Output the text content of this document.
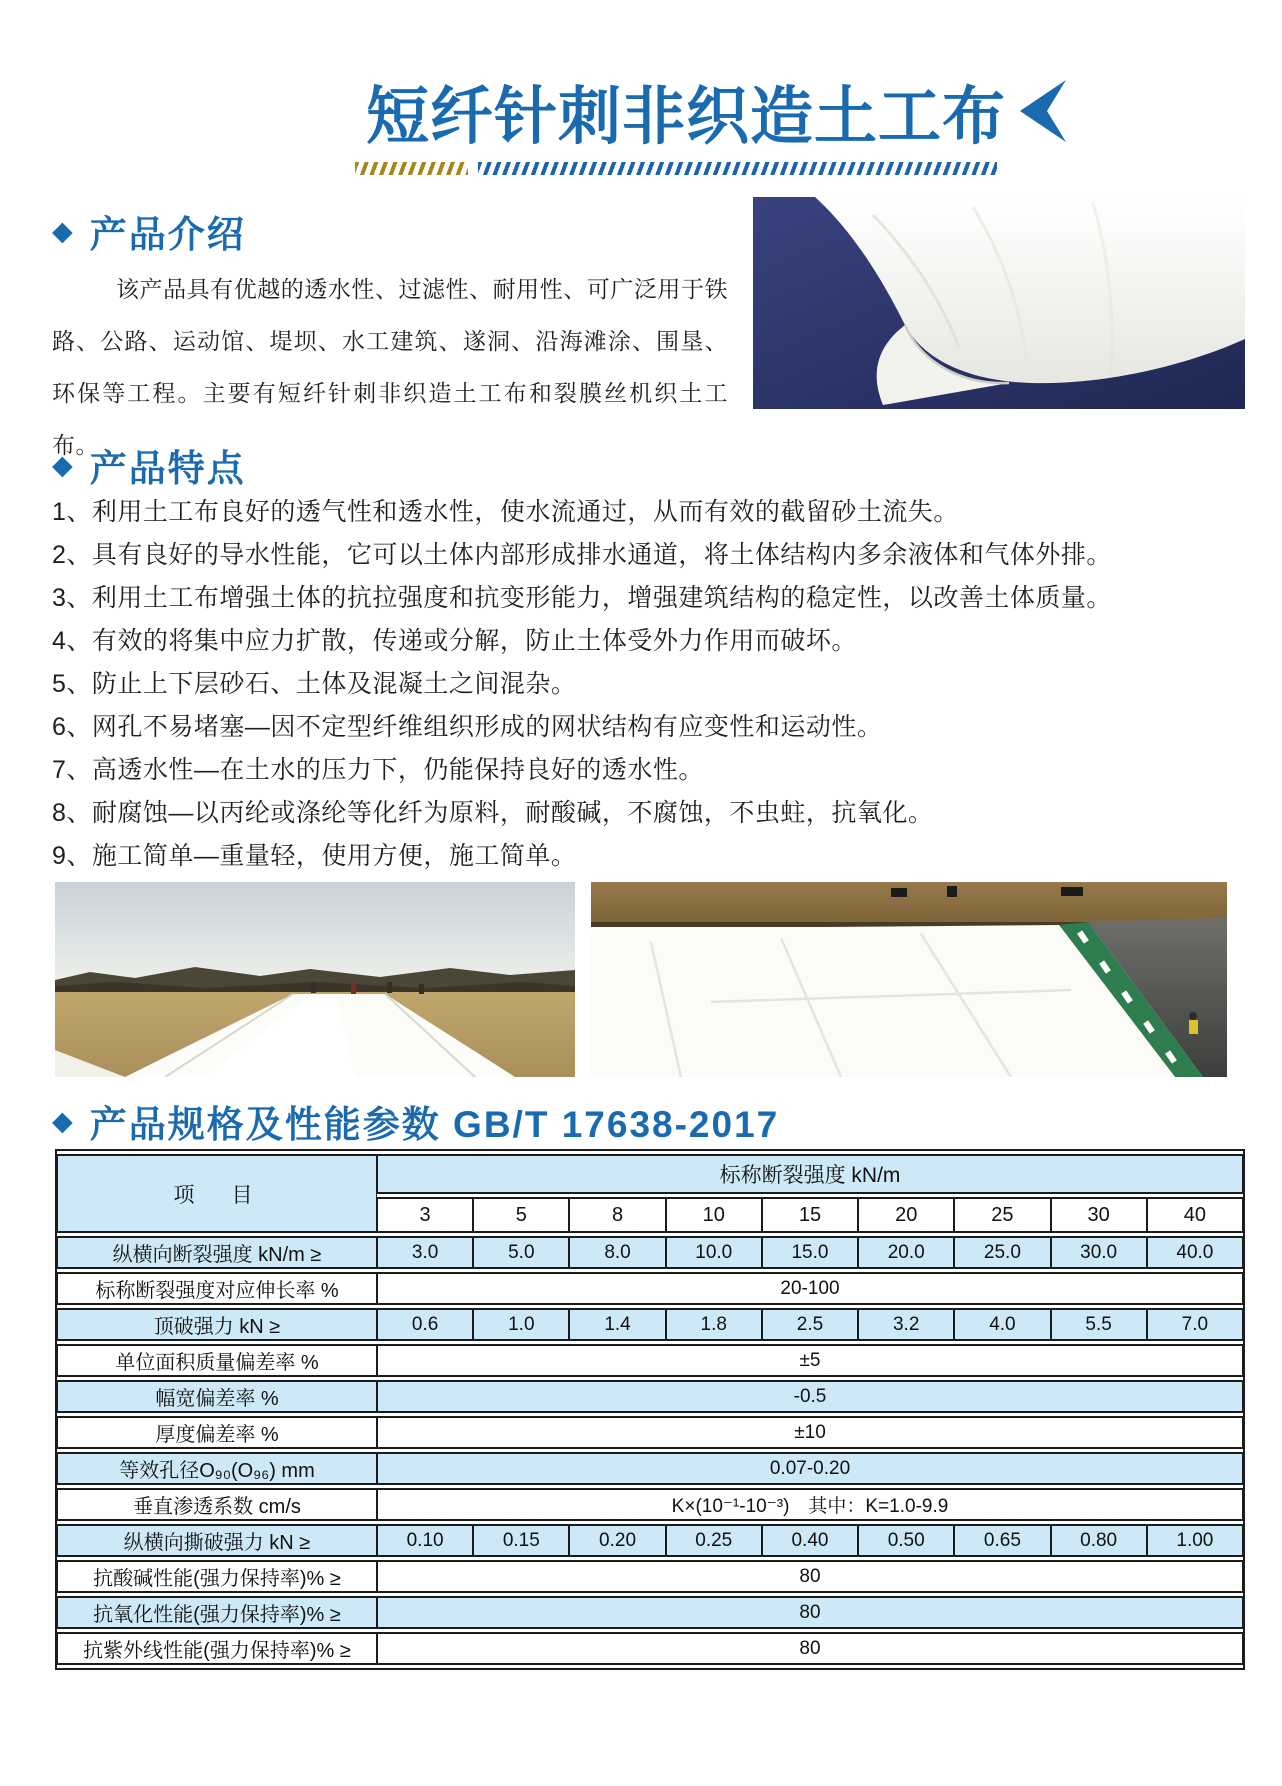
短纤针刺非织造土工布
◆ 产品介绍

该产品具有优越的透水性、过滤性、耐用性、可广泛用于铁路、公路、运动馆、堤坝、水工建筑、遂洞、沿海滩涂、围垦、环保等工程。主要有短纤针刺非织造土工布和裂膜丝机织土工布。

◆ 产品特点
1、利用土工布良好的透气性和透水性，使水流通过，从而有效的截留砂土流失。
2、具有良好的导水性能，它可以土体内部形成排水通道，将土体结构内多余液体和气体外排。
3、利用土工布增强土体的抗拉强度和抗变形能力，增强建筑结构的稳定性，以改善土体质量。
4、有效的将集中应力扩散，传递或分解，防止土体受外力作用而破坏。
5、防止上下层砂石、土体及混凝土之间混杂。
6、网孔不易堵塞—因不定型纤维组织形成的网状结构有应变性和运动性。
7、高透水性—在土水的压力下，仍能保持良好的透水性。
8、耐腐蚀—以丙纶或涤纶等化纤为原料，耐酸碱，不腐蚀，不虫蛀，抗氧化。
9、施工简单—重量轻，使用方便，施工简单。
◆ 产品规格及性能参数 GB/T 17638-2017
项　目	标称断裂强度 kN/m								
	3	5	8	10	15	20	25	30	40
纵横向断裂强度 kN/m ≥	3.0	5.0	8.0	10.0	15.0	20.0	25.0	30.0	40.0
标称断裂强度对应伸长率 %	20-100								
顶破强力 kN ≥	0.6	1.0	1.4	1.8	2.5	3.2	4.0	5.5	7.0
单位面积质量偏差率 %	±5								
幅宽偏差率 %	-0.5								
厚度偏差率 %	±10								
等效孔径O₉₀(O₉₆) mm	0.07-0.20								
垂直渗透系数 cm/s	K×(10⁻¹-10⁻³)　其中：K=1.0-9.9								
纵横向撕破强力 kN ≥	0.10	0.15	0.20	0.25	0.40	0.50	0.65	0.80	1.00
抗酸碱性能(强力保持率)% ≥	80								
抗氧化性能(强力保持率)% ≥	80								
抗紫外线性能(强力保持率)% ≥	80								
